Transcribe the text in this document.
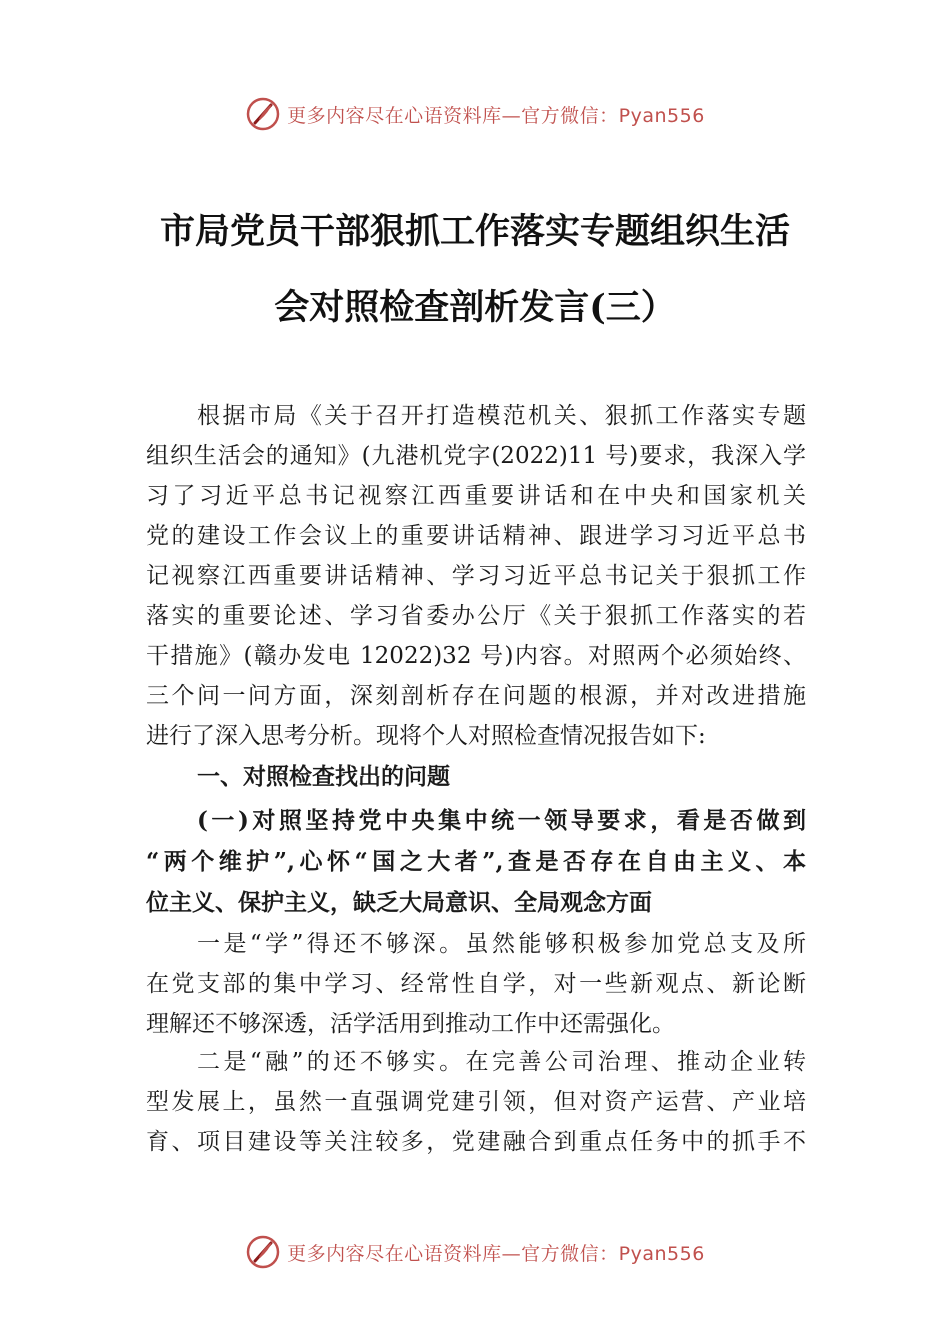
更多内容尽在心语资料库—官方微信：Pyan556
市局党员干部狠抓工作落实专题组织生活
会对照检查剖析发言(三）
根据市局《关于召开打造模范机关、狠抓工作落实专题
组织生活会的通知》(九港机党字(2022)11 号)要求，我深入学
习了习近平总书记视察江西重要讲话和在中央和国家机关
党的建设工作会议上的重要讲话精神、跟进学习习近平总书
记视察江西重要讲话精神、学习习近平总书记关于狠抓工作
落实的重要论述、学习省委办公厅《关于狠抓工作落实的若
干措施》(赣办发电 12022)32 号)内容。对照两个必须始终、
三个问一问方面，深刻剖析存在问题的根源，并对改进措施
进行了深入思考分析。现将个人对照检查情况报告如下:
一、对照检查找出的问题
(一)对照坚持党中央集中统一领导要求，看是否做到
“两个维护”,心怀“国之大者”,查是否存在自由主义、本
位主义、保护主义，缺乏大局意识、全局观念方面
一是“学”得还不够深。虽然能够积极参加党总支及所
在党支部的集中学习、经常性自学，对一些新观点、新论断
理解还不够深透，活学活用到推动工作中还需强化。
二是“融”的还不够实。在完善公司治理、推动企业转
型发展上，虽然一直强调党建引领，但对资产运营、产业培
育、项目建设等关注较多，党建融合到重点任务中的抓手不
更多内容尽在心语资料库—官方微信：Pyan556
